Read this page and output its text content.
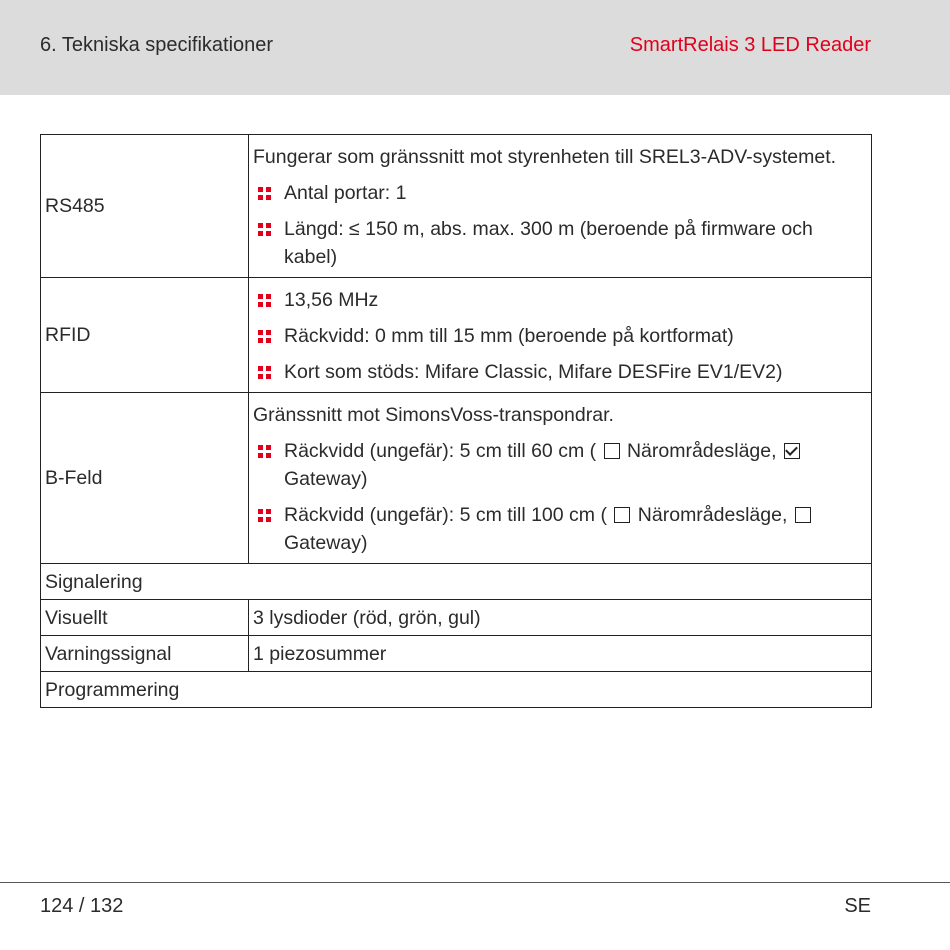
6. Tekniska specifikationer	SmartRelais 3 LED Reader
RS485	Fungerar som gränssnitt mot styrenheten till SREL3-ADV-systemet.
Antal portar: 1
Längd: ≤ 150 m, abs. max. 300 m (beroende på firmware och kabel)

RFID	13,56 MHz
Räckvidd: 0 mm till 15 mm (beroende på kortformat)
Kort som stöds: Mifare Classic, Mifare DESFire EV1/EV2)

B-Feld	Gränssnitt mot SimonsVoss-transpondrar.
Räckvidd (ungefär): 5 cm till 60 cm ( Närområdesläge,  Gateway)
Räckvidd (ungefär): 5 cm till 100 cm ( Närområdesläge,  Gateway)

Signalering	
Visuellt	3 lysdioder (röd, grön, gul)
Varningssignal	1 piezosummer
Programmering	
124 / 132	SE
